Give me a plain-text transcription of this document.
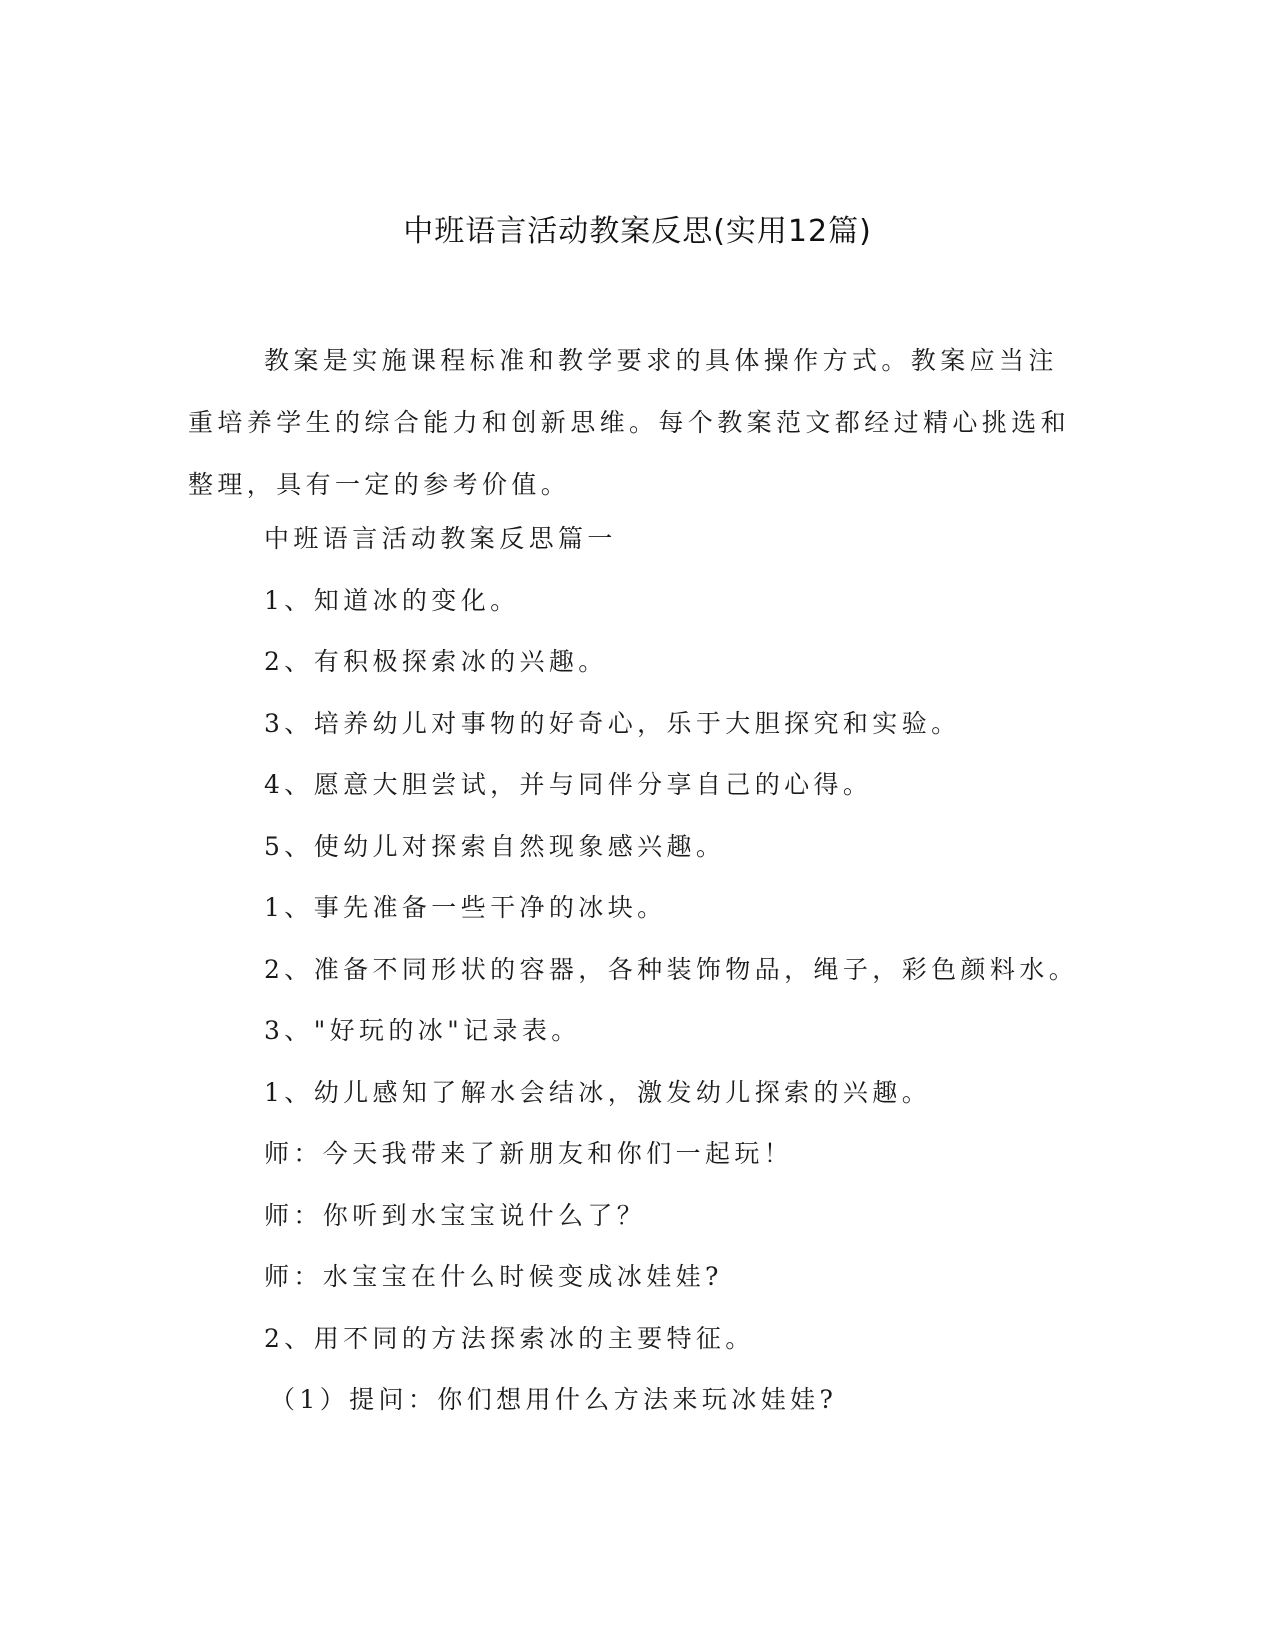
中班语言活动教案反思(实用12篇)

教案是实施课程标准和教学要求的具体操作方式。教案应当注重培养学生的综合能力和创新思维。每个教案范文都经过精心挑选和整理，具有一定的参考价值。

中班语言活动教案反思篇一
1、知道冰的变化。
2、有积极探索冰的兴趣。
3、培养幼儿对事物的好奇心，乐于大胆探究和实验。
4、愿意大胆尝试，并与同伴分享自己的心得。
5、使幼儿对探索自然现象感兴趣。
1、事先准备一些干净的冰块。
2、准备不同形状的容器，各种装饰物品，绳子，彩色颜料水。
3、"好玩的冰"记录表。
1、幼儿感知了解水会结冰，激发幼儿探索的兴趣。
师：今天我带来了新朋友和你们一起玩！
师：你听到水宝宝说什么了？
师：水宝宝在什么时候变成冰娃娃?
2、用不同的方法探索冰的主要特征。
（1）提问：你们想用什么方法来玩冰娃娃?
